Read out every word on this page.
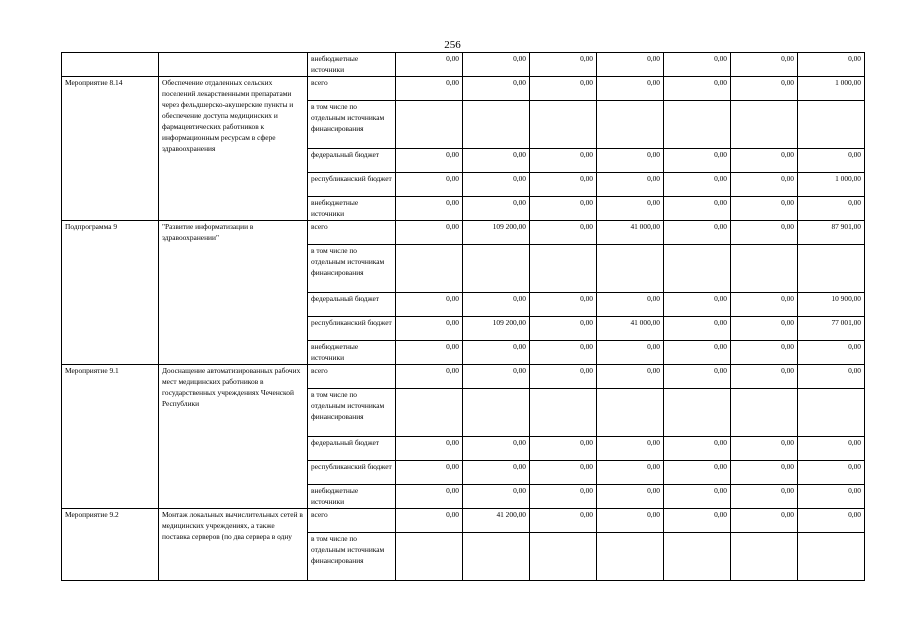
256
		внебюджетные источники	0,00	0,00	0,00	0,00	0,00	0,00	0,00
Мероприятие 8.14	Обеспечение отдаленных сельских поселений лекарственными препаратами через фельдшерско-акушерские пункты и обеспечение доступа медицинских и фармацевтических работников к информационным ресурсам в сфере здравоохранения	всего	0,00	0,00	0,00	0,00	0,00	0,00	1 000,00
		в том числе по отдельным источникам финансирования							
		федеральный бюджет	0,00	0,00	0,00	0,00	0,00	0,00	0,00
		республиканский бюджет	0,00	0,00	0,00	0,00	0,00	0,00	1 000,00
		внебюджетные источники	0,00	0,00	0,00	0,00	0,00	0,00	0,00
Подпрограмма 9	"Развитие информатизации в здравоохранении"	всего	0,00	109 200,00	0,00	41 000,00	0,00	0,00	87 901,00
		в том числе по отдельным источникам финансирования							
		федеральный бюджет	0,00	0,00	0,00	0,00	0,00	0,00	10 900,00
		республиканский бюджет	0,00	109 200,00	0,00	41 000,00	0,00	0,00	77 001,00
		внебюджетные источники	0,00	0,00	0,00	0,00	0,00	0,00	0,00
Мероприятие 9.1	Дооснащение автоматизированных рабочих мест медицинских работников в государственных учреждениях Чеченской Республики	всего	0,00	0,00	0,00	0,00	0,00	0,00	0,00
		в том числе по отдельным источникам финансирования							
		федеральный бюджет	0,00	0,00	0,00	0,00	0,00	0,00	0,00
		республиканский бюджет	0,00	0,00	0,00	0,00	0,00	0,00	0,00
		внебюджетные источники	0,00	0,00	0,00	0,00	0,00	0,00	0,00
Мероприятие 9.2	Монтаж локальных вычислительных сетей в медицинских учреждениях, а также поставка серверов (по два сервера в одну	всего	0,00	41 200,00	0,00	0,00	0,00	0,00	0,00
		в том числе по отдельным источникам финансирования							
